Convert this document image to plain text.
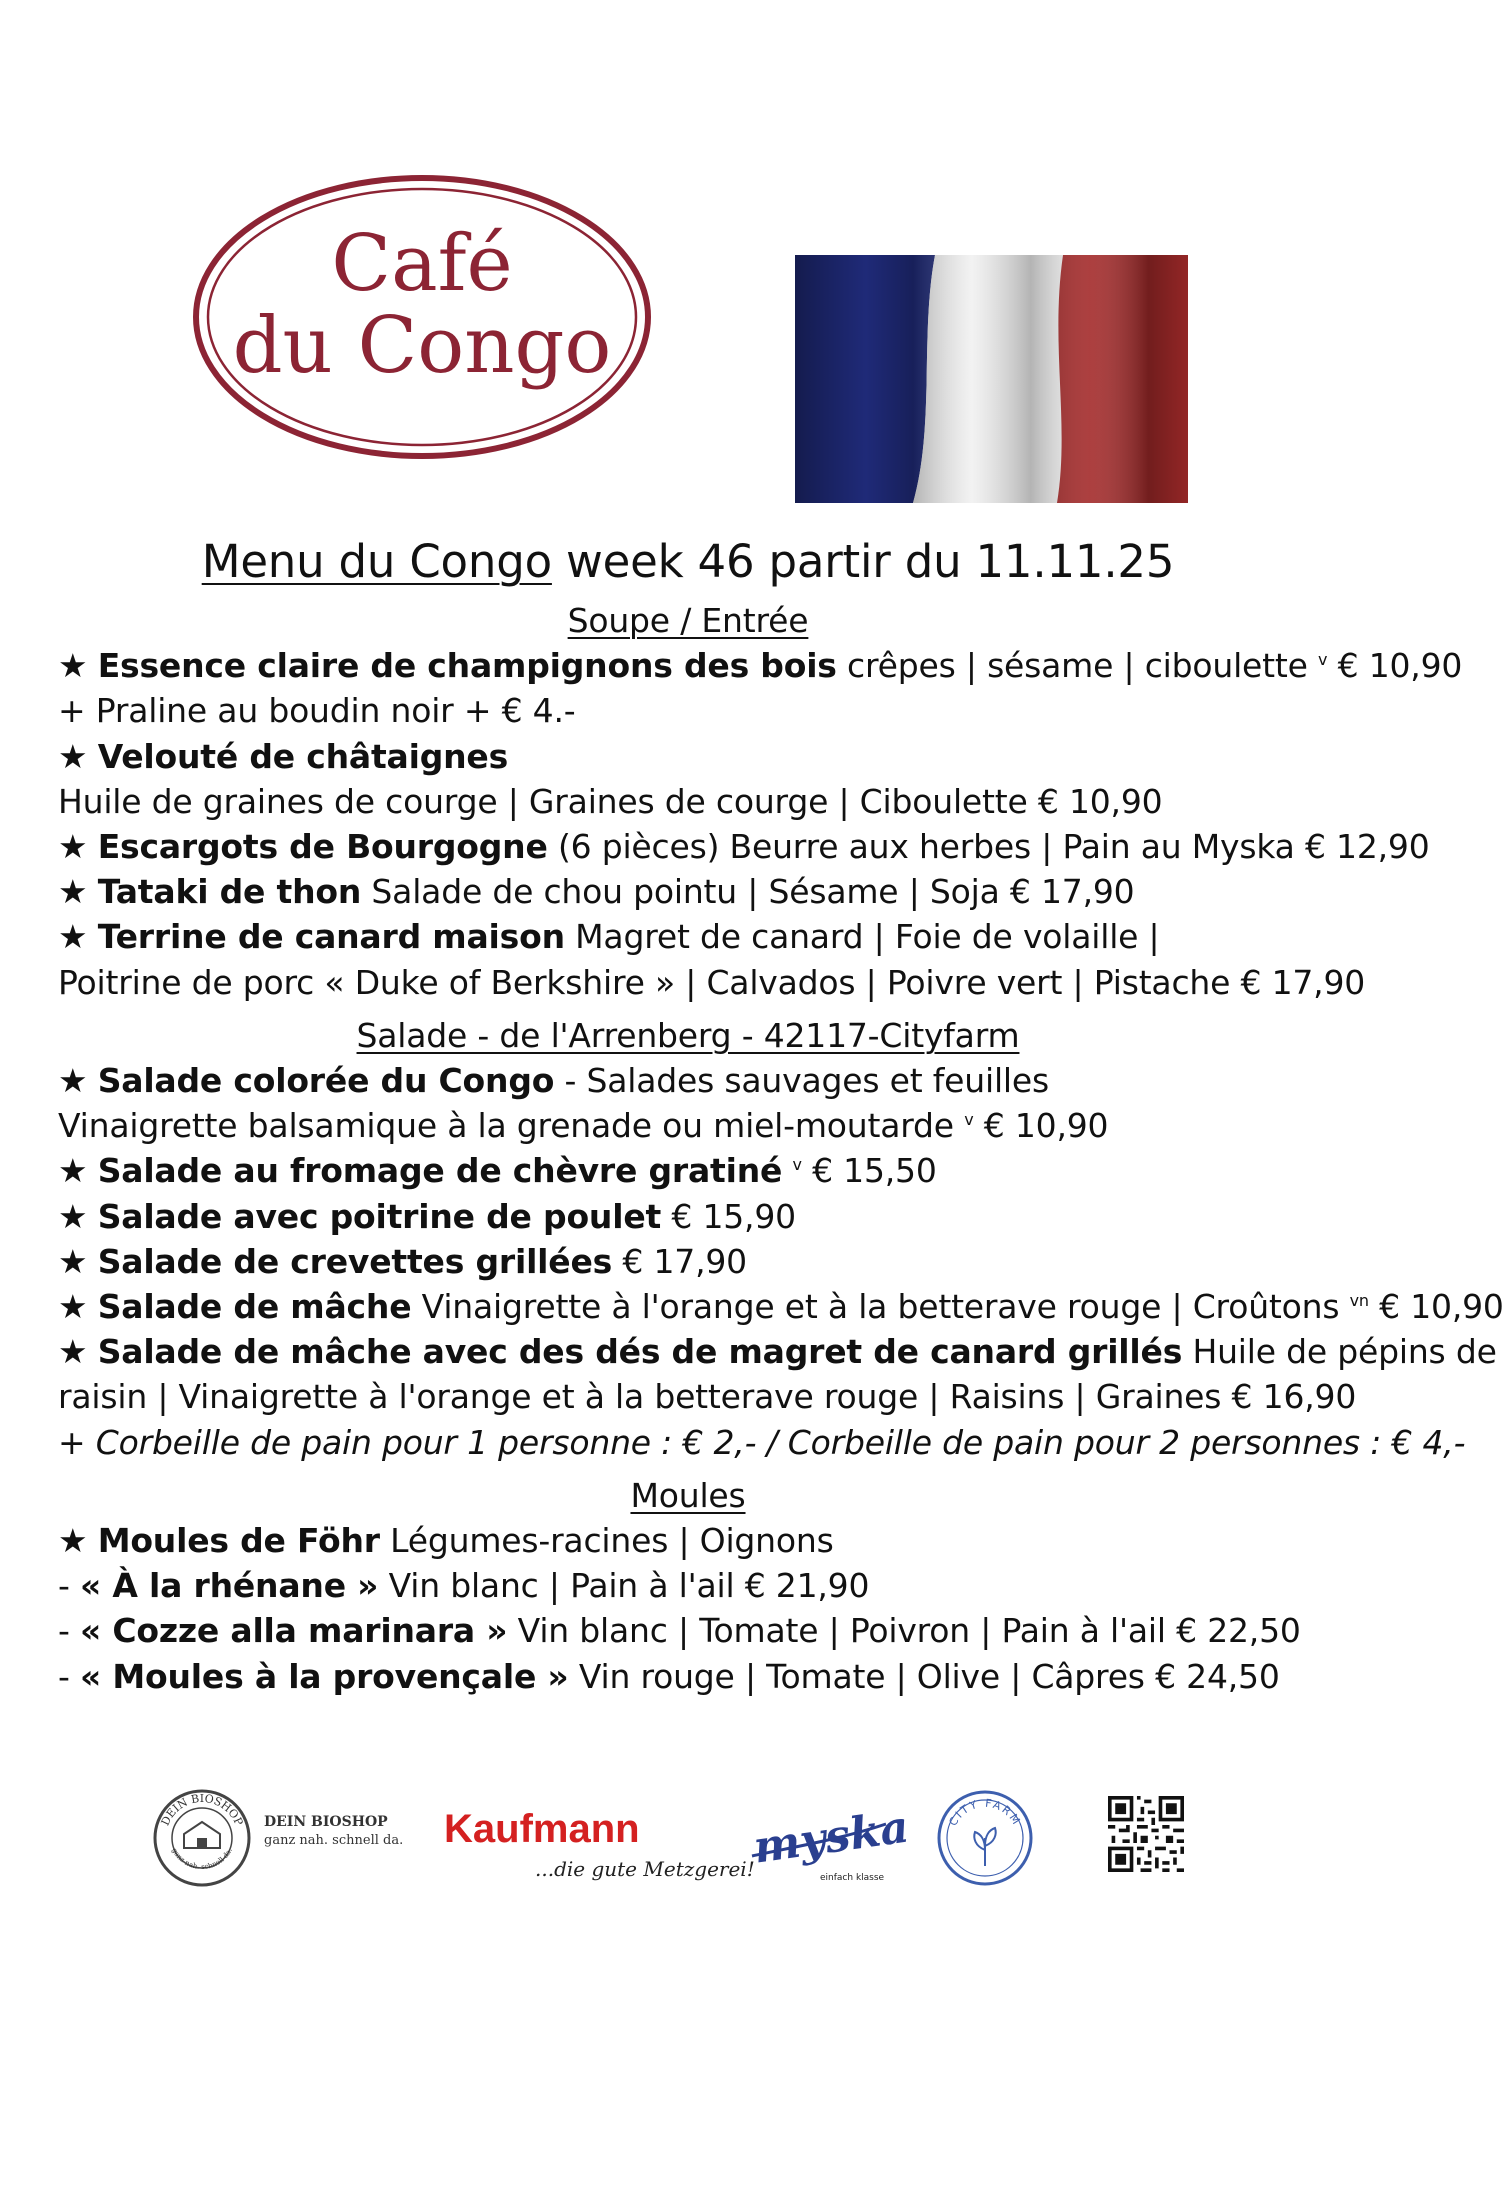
Café
du Congo
Menu du Congo week 46 partir du 11.11.25
Soupe / Entrée
★ Essence claire de champignons des bois crêpes | sésame | ciboulette $^v$ € 10,90
+ Praline au boudin noir + € 4.-
★ Velouté de châtaignes
Huile de graines de courge | Graines de courge | Ciboulette € 10,90
★ Escargots de Bourgogne (6 pièces) Beurre aux herbes | Pain au Myska € 12,90
★ Tataki de thon Salade de chou pointu | Sésame | Soja € 17,90
★ Terrine de canard maison Magret de canard | Foie de volaille |
Poitrine de porc « Duke of Berkshire » | Calvados | Poivre vert | Pistache € 17,90
Salade - de l'Arrenberg - 42117-Cityfarm
★ Salade colorée du Congo - Salades sauvages et feuilles
Vinaigrette balsamique à la grenade ou miel-moutarde $^v$ € 10,90
★ Salade au fromage de chèvre gratiné $^v$ € 15,50
★ Salade avec poitrine de poulet € 15,90
★ Salade de crevettes grillées € 17,90
★ Salade de mâche Vinaigrette à l'orange et à la betterave rouge | Croûtons $^{vn}$ € 10,90
★ Salade de mâche avec des dés de magret de canard grillés Huile de pépins de
raisin | Vinaigrette à l'orange et à la betterave rouge | Raisins | Graines € 16,90
+ Corbeille de pain pour 1 personne : € 2,- / Corbeille de pain pour 2 personnes : € 4,-
Moules
★ Moules de Föhr Légumes-racines | Oignons
- « À la rhénane » Vin blanc | Pain à l'ail € 21,90
- « Cozze alla marinara » Vin blanc | Tomate | Poivron | Pain à l'ail € 22,50
- « Moules à la provençale » Vin rouge | Tomate | Olive | Câpres € 24,50
DEIN BIOSHOP
ganz nah. schnell da.
DEIN BIOSHOP
ganz nah. schnell da. Kaufmann
...die gute Metzgerei!
myska
einfach klasse
CITY FARM
